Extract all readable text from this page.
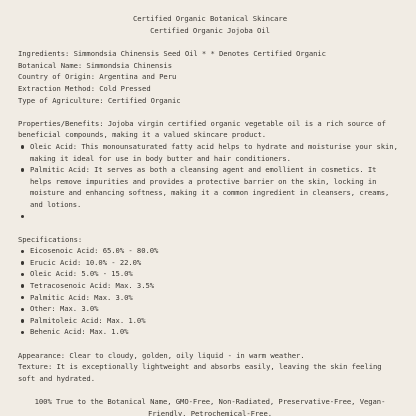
Certified Organic Botanical Skincare
Certified Organic Jojoba Oil
Ingredients: Simmondsia Chinensis Seed Oil * * Denotes Certified Organic
Botanical Name: Simmondsia Chinensis
Country of Origin: Argentina and Peru
Extraction Method: Cold Pressed
Type of Agriculture: Certified Organic

Properties/Benefits: Jojoba virgin certified organic vegetable oil is a rich source of beneficial compounds, making it a valued skincare product.

Oleic Acid: This monounsaturated fatty acid helps to hydrate and moisturise your skin, making it ideal for use in body butter and hair conditioners.
Palmitic Acid: It serves as both a cleansing agent and emollient in cosmetics. It helps remove impurities and provides a protective barrier on the skin, locking in moisture and enhancing softness, making it a common ingredient in cleansers, creams, and lotions.

Specifications:

Eicosenoic Acid: 65.0% - 80.0%
Erucic Acid: 10.0% - 22.0%
Oleic Acid: 5.0% - 15.0%
Tetracosenoic Acid: Max. 3.5%
Palmitic Acid: Max. 3.0%
Other: Max. 3.0%
Palmitoleic Acid: Max. 1.0%
Behenic Acid: Max. 1.0%

Appearance: Clear to cloudy, golden, oily liquid - in warm weather.

Texture: It is exceptionally lightweight and absorbs easily, leaving the skin feeling soft and hydrated.

100% True to the Botanical Name, GMO-Free, Non-Radiated, Preservative-Free, Vegan-Friendly, Petrochemical-Free.
